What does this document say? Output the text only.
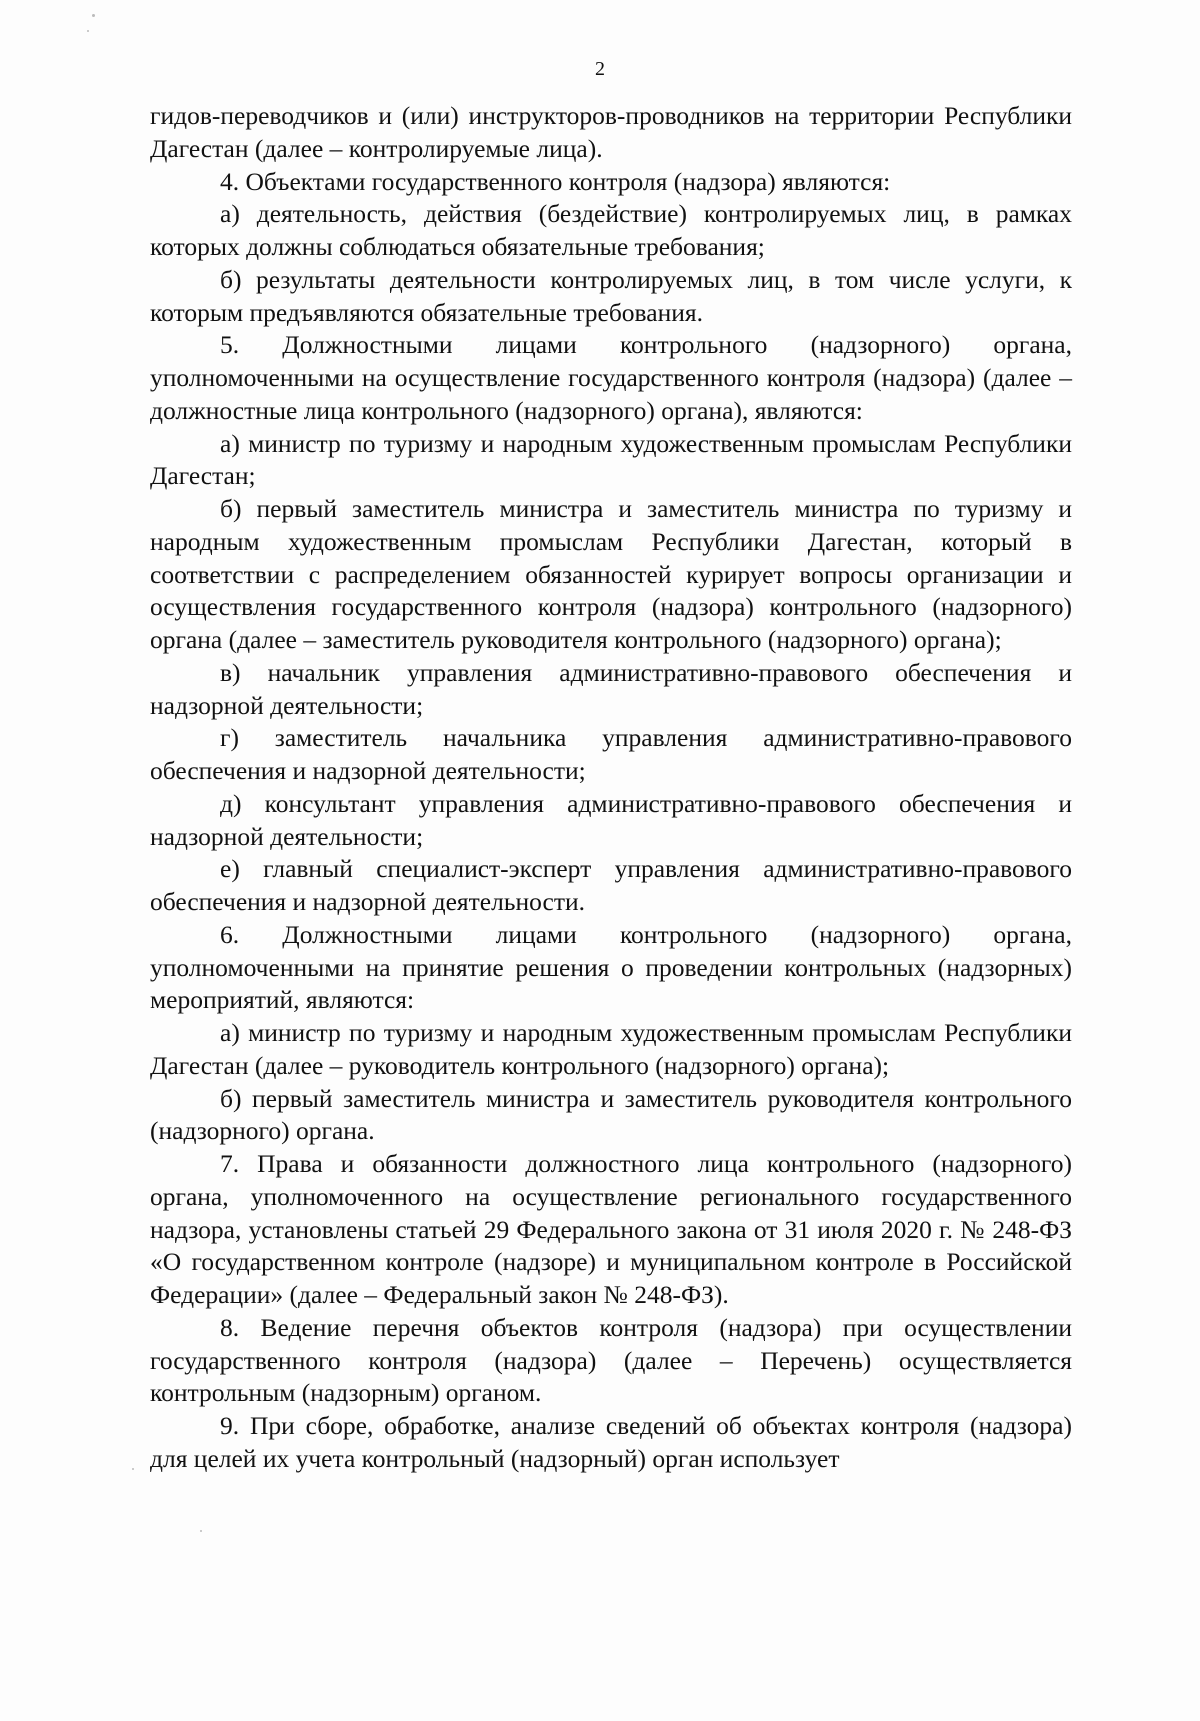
2

гидов-переводчиков и (или) инструкторов-проводников на территории Республики Дагестан (далее – контролируемые лица).

4. Объектами государственного контроля (надзора) являются:

а) деятельность, действия (бездействие) контролируемых лиц, в рамках которых должны соблюдаться обязательные требования;

б) результаты деятельности контролируемых лиц, в том числе услуги, к которым предъявляются обязательные требования.

5. Должностными лицами контрольного (надзорного) органа, уполномоченными на осуществление государственного контроля (надзора) (далее – должностные лица контрольного (надзорного) органа), являются:

а) министр по туризму и народным художественным промыслам Республики Дагестан;

б) первый заместитель министра и заместитель министра по туризму и народным художественным промыслам Республики Дагестан, который в соответствии с распределением обязанностей курирует вопросы организации и осуществления государственного контроля (надзора) контрольного (надзорного) органа (далее – заместитель руководителя контрольного (надзорного) органа);

в) начальник управления административно-правового обеспечения и надзорной деятельности;

г) заместитель начальника управления административно-правового обеспечения и надзорной деятельности;

д) консультант управления административно-правового обеспечения и надзорной деятельности;

е) главный специалист-эксперт управления административно-правового обеспечения и надзорной деятельности.

6. Должностными лицами контрольного (надзорного) органа, уполномоченными на принятие решения о проведении контрольных (надзорных) мероприятий, являются:

а) министр по туризму и народным художественным промыслам Республики Дагестан (далее – руководитель контрольного (надзорного) органа);

б) первый заместитель министра и заместитель руководителя контрольного (надзорного) органа.

7. Права и обязанности должностного лица контрольного (надзорного) органа, уполномоченного на осуществление регионального государственного надзора, установлены статьей 29 Федерального закона от 31 июля 2020 г. № 248-ФЗ «О государственном контроле (надзоре) и муниципальном контроле в Российской Федерации» (далее – Федеральный закон № 248-ФЗ).

8. Ведение перечня объектов контроля (надзора) при осуществлении государственного контроля (надзора) (далее – Перечень) осуществляется контрольным (надзорным) органом.

9. При сборе, обработке, анализе сведений об объектах контроля (надзора) для целей их учета контрольный (надзорный) орган использует
